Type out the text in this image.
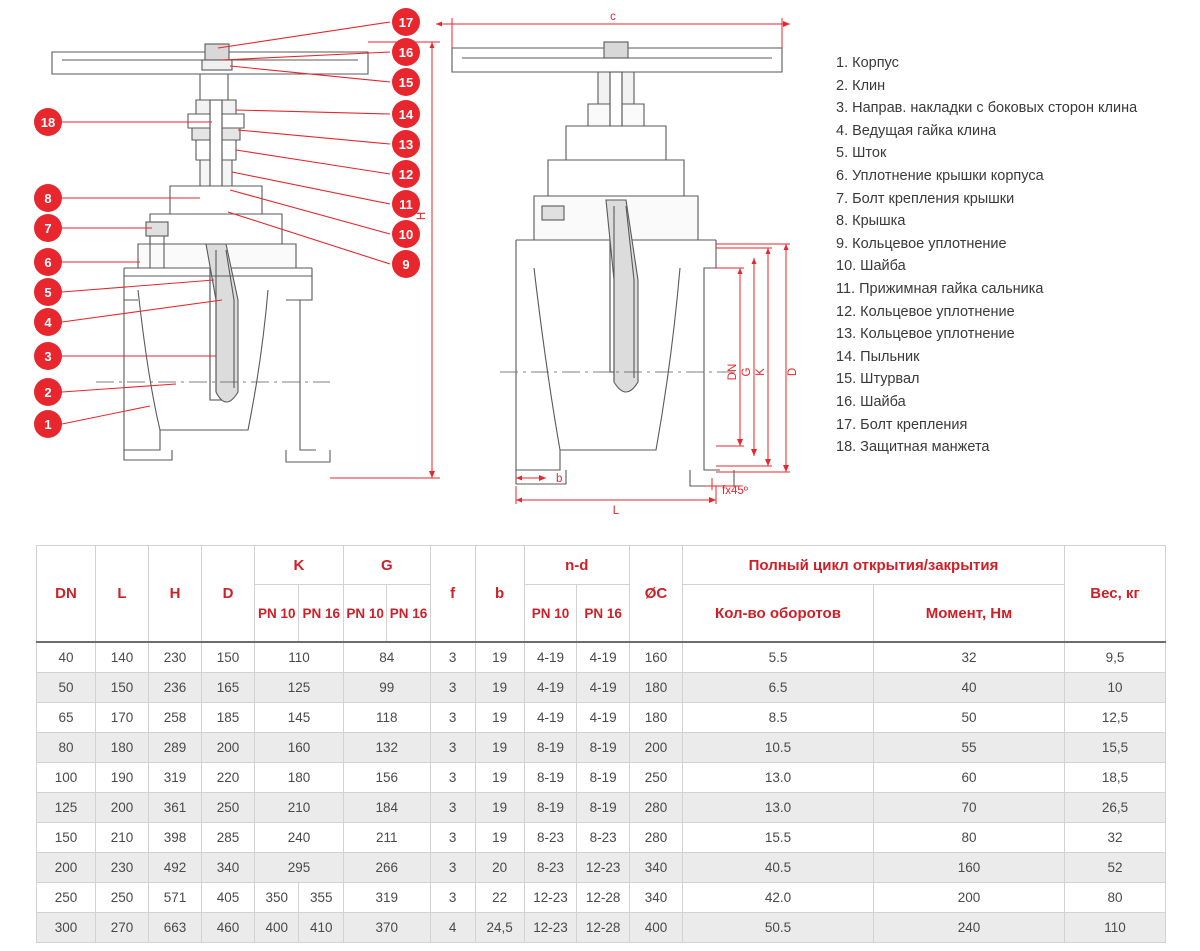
18
8
7
6
5
4
3
2
1
17
16
15
14
13
12
11
10
9
H
c
L
b
fx45º
DN G K D
1. Корпус
2. Клин
3. Направ. накладки с боковых сторон клина
4. Ведущая гайка клина
5. Шток
6. Уплотнение крышки корпуса
7. Болт крепления крышки
8. Крышка
9. Кольцевое уплотнение
10. Шайба
11. Прижимная гайка сальника
12. Кольцевое уплотнение
13. Кольцевое уплотнение
14. Пыльник
15. Штурвал
16. Шайба
17. Болт крепления
18. Защитная манжета
DN	L	H	D	K		G		f	b	n-d		ØC	Полный цикл открытия/закрытия		Вес, кг
				PN 10	PN 16	PN 10	PN 16			PN 10	PN 16		Кол-во оборотов	Момент, Нм	
40	140	230	150	110		84		3	19	4-19	4-19	160	5.5	32	9,5
50	150	236	165	125		99		3	19	4-19	4-19	180	6.5	40	10
65	170	258	185	145		118		3	19	4-19	4-19	180	8.5	50	12,5
80	180	289	200	160		132		3	19	8-19	8-19	200	10.5	55	15,5
100	190	319	220	180		156		3	19	8-19	8-19	250	13.0	60	18,5
125	200	361	250	210		184		3	19	8-19	8-19	280	13.0	70	26,5
150	210	398	285	240		211		3	19	8-23	8-23	280	15.5	80	32
200	230	492	340	295		266		3	20	8-23	12-23	340	40.5	160	52
250	250	571	405	350	355	319		3	22	12-23	12-28	340	42.0	200	80
300	270	663	460	400	410	370		4	24,5	12-23	12-28	400	50.5	240	110
